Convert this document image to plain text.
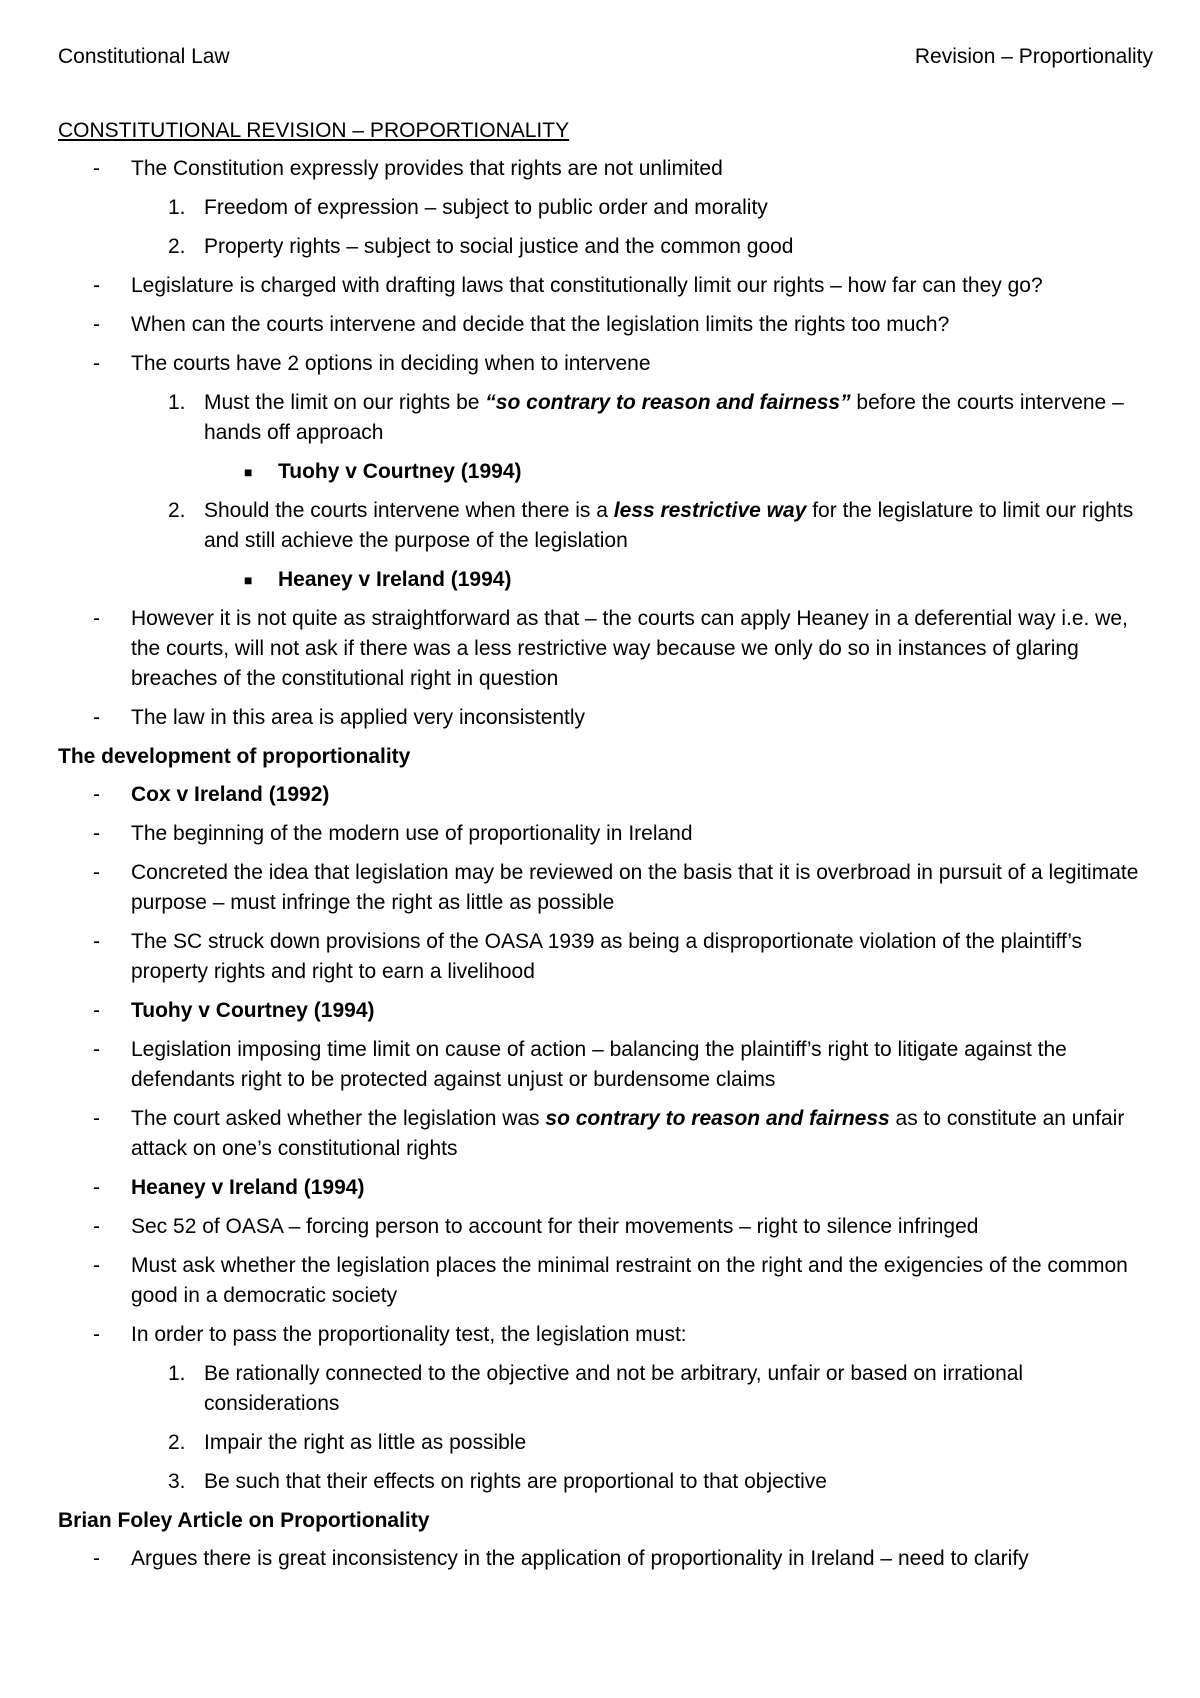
Constitutional Law	Revision – Proportionality
CONSTITUTIONAL REVISION – PROPORTIONALITY
- The Constitution expressly provides that rights are not unlimited
1. Freedom of expression – subject to public order and morality
2. Property rights – subject to social justice and the common good
- Legislature is charged with drafting laws that constitutionally limit our rights – how far can they go?
- When can the courts intervene and decide that the legislation limits the rights too much?
- The courts have 2 options in deciding when to intervene
1. Must the limit on our rights be “so contrary to reason and fairness” before the courts intervene – hands off approach
■ Tuohy v Courtney (1994)
2. Should the courts intervene when there is a less restrictive way for the legislature to limit our rights and still achieve the purpose of the legislation
■ Heaney v Ireland (1994)
- However it is not quite as straightforward as that – the courts can apply Heaney in a deferential way i.e. we, the courts, will not ask if there was a less restrictive way because we only do so in instances of glaring breaches of the constitutional right in question
- The law in this area is applied very inconsistently
The development of proportionality
- Cox v Ireland (1992)
- The beginning of the modern use of proportionality in Ireland
- Concreted the idea that legislation may be reviewed on the basis that it is overbroad in pursuit of a legitimate purpose – must infringe the right as little as possible
- The SC struck down provisions of the OASA 1939 as being a disproportionate violation of the plaintiff’s property rights and right to earn a livelihood
- Tuohy v Courtney (1994)
- Legislation imposing time limit on cause of action – balancing the plaintiff’s right to litigate against the defendants right to be protected against unjust or burdensome claims
- The court asked whether the legislation was so contrary to reason and fairness as to constitute an unfair attack on one’s constitutional rights
- Heaney v Ireland (1994)
- Sec 52 of OASA – forcing person to account for their movements – right to silence infringed
- Must ask whether the legislation places the minimal restraint on the right and the exigencies of the common good in a democratic society
- In order to pass the proportionality test, the legislation must:
1. Be rationally connected to the objective and not be arbitrary, unfair or based on irrational considerations
2. Impair the right as little as possible
3. Be such that their effects on rights are proportional to that objective
Brian Foley Article on Proportionality
- Argues there is great inconsistency in the application of proportionality in Ireland – need to clarify
